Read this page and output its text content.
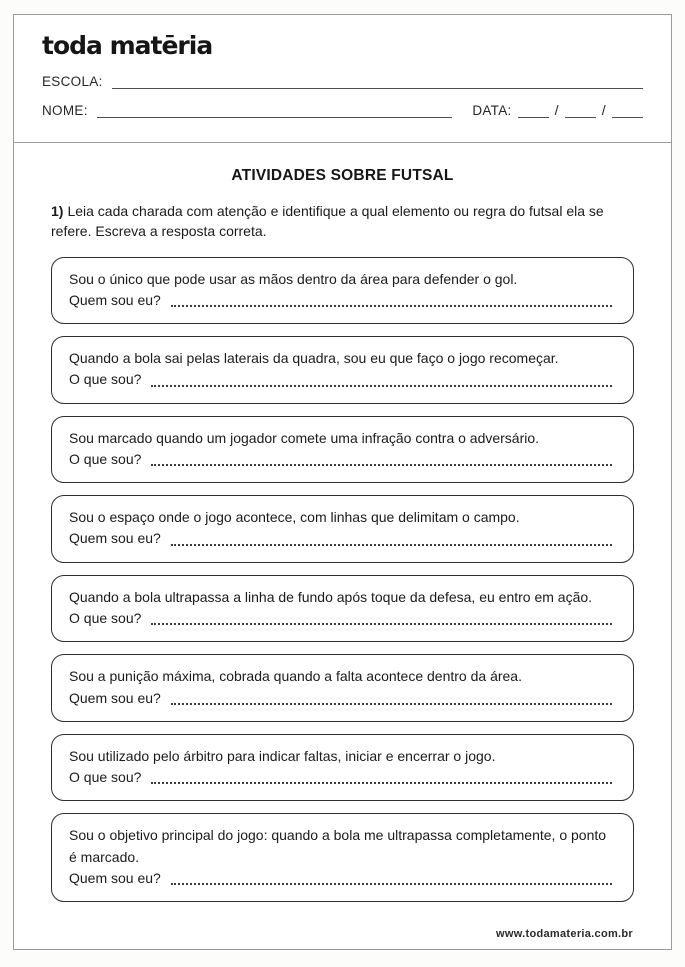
toda matēria
ESCOLA:
NOME:	DATA:	/	/
ATIVIDADES SOBRE FUTSAL

1) Leia cada charada com atenção e identifique a qual elemento ou regra do futsal ela se refere. Escreva a resposta correta.

Sou o único que pode usar as mãos dentro da área para defender o gol.
Quem sou eu?
Quando a bola sai pelas laterais da quadra, sou eu que faço o jogo recomeçar.
O que sou?
Sou marcado quando um jogador comete uma infração contra o adversário.
O que sou?
Sou o espaço onde o jogo acontece, com linhas que delimitam o campo.
Quem sou eu?
Quando a bola ultrapassa a linha de fundo após toque da defesa, eu entro em ação.
O que sou?
Sou a punição máxima, cobrada quando a falta acontece dentro da área.
Quem sou eu?
Sou utilizado pelo árbitro para indicar faltas, iniciar e encerrar o jogo.
O que sou?
Sou o objetivo principal do jogo: quando a bola me ultrapassa completamente, o ponto é marcado.
Quem sou eu?
www.todamateria.com.br
